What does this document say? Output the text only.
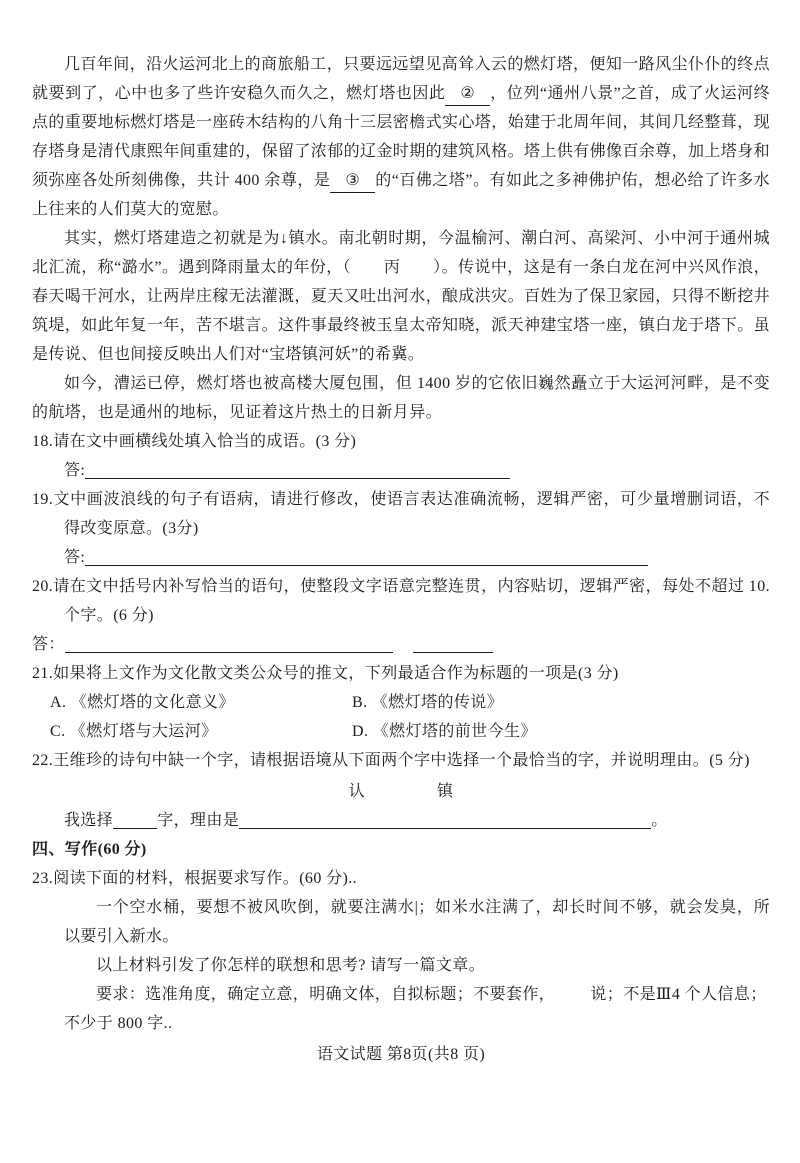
几百年间，沿火运河北上的商旅船工，只要远远望见高耸入云的燃灯塔，便知一路风尘仆仆的终点就要到了，心中也多了些许安稳久而久之，燃灯塔也因此 ② ，位列“通州八景”之首，成了火运河终点的重要地标燃灯塔是一座砖木结构的八角十三层密檐式实心塔，始建于北周年间，其间几经整葺，现存塔身是清代康熙年间重建的，保留了浓郁的辽金时期的建筑风格。塔上供有佛像百余尊，加上塔身和须弥座各处所刻佛像，共计 400 余尊，是 ③ 的“百佛之塔”。有如此之多神佛护佑，想必给了许多水上往来的人们莫大的宽慰。

其实，燃灯塔建造之初就是为↓镇水。南北朝时期，今温榆河、潮白河、高梁河、小中河于通州城北汇流，称“潞水”。遇到降雨量太的年份，（　　丙　　）。传说中，这是有一条白龙在河中兴风作浪，春天喝干河水，让两岸庄稼无法灌溉，夏天又吐出河水，酿成洪灾。百姓为了保卫家园，只得不断挖井筑堤，如此年复一年，苦不堪言。这件事最终被玉皇太帝知晓，派天神建宝塔一座，镇白龙于塔下。虽是传说、但也间接反映出人们对“宝塔镇河妖”的希冀。

如今，漕运已停，燃灯塔也被高楼大厦包围，但 1400 岁的它依旧巍然矗立于大运河河畔，是不变的航塔，也是通州的地标，见证着这片热土的日新月异。

18.请在文中画横线处填入恰当的成语。(3 分)

答:

19.文中画波浪线的句子有语病，请进行修改，使语言表达准确流畅，逻辑严密，可少量增删词语，不得改变原意。(3分)

答:

20.请在文中括号内补写恰当的语句，使整段文字语意完整连贯，内容贴切，逻辑严密，每处不超过 10. 个字。(6 分)

答：

21.如果将上文作为文化散文类公众号的推文，下列最适合作为标题的一项是(3 分)

A. 《燃灯塔的文化意义》	B. 《燃灯塔的传说》

C. 《燃灯塔与大运河》	D. 《燃灯塔的前世今生》

22.王维珍的诗句中缺一个字，请根据语境从下面两个字中选择一个最恰当的字，并说明理由。(5 分)

认	镇

我选择	字，理由是	。

四、写作(60 分)

23.阅读下面的材料，根据要求写作。(60 分)..

一个空水桶，要想不被风吹倒，就要注满水|；如米水注满了，却长时间不够，就会发臭，所以要引入新水。

以上材料引发了你怎样的联想和思考? 请写一篇文章。

要求：选准角度，确定立意，明确文体，自拟标题；不要套作，        说；不是Ⅲ4 个人信息；不少于 800 字..

语文试题 第8页(共8 页)
